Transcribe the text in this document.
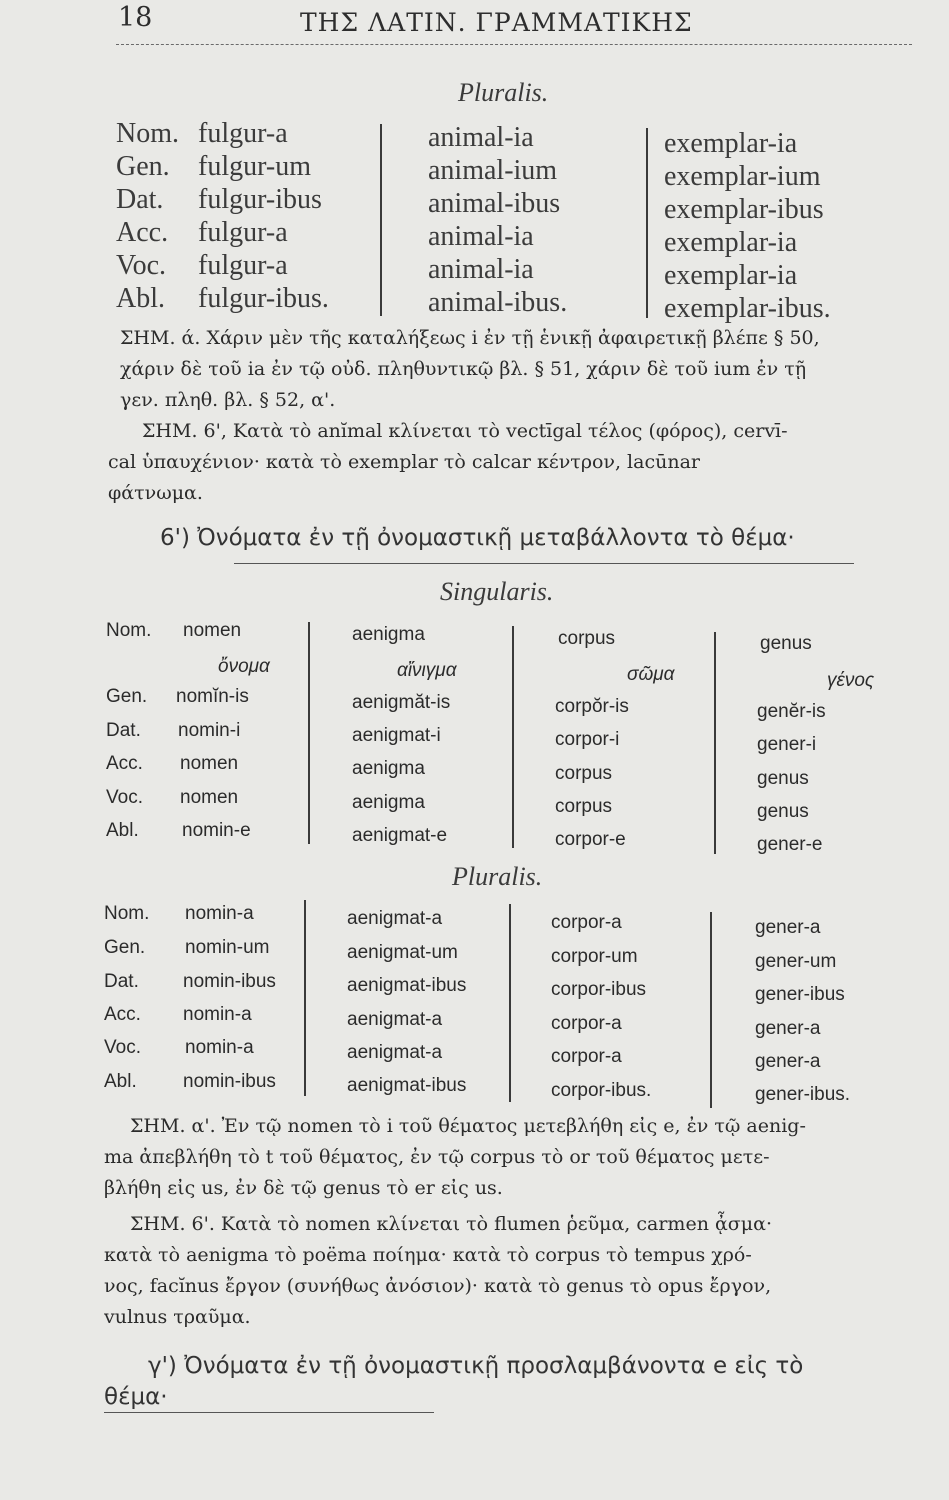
18	ΤΗΣ ΛΑΤΙΝ. ΓΡΑΜΜΑΤΙΚΗΣ
Pluralis.
Nom.
Gen.
Dat.
Acc.
Voc.
Abl.
fulgur-a
fulgur-um
fulgur-ibus
fulgur-a
fulgur-a
fulgur-ibus.
animal-ia
animal-ium
animal-ibus
animal-ia
animal-ia
animal-ibus.
exemplar-ia
exemplar-ium
exemplar-ibus
exemplar-ia
exemplar-ia
exemplar-ibus.
ΣΗΜ. ά. Χάριν μὲν τῆς καταλήξεως i ἐν τῇ ἑνικῇ ἀφαιρετικῇ βλέπε § 50,
χάριν δὲ τοῦ ia ἐν τῷ οὐδ. πληθυντικῷ βλ. § 51, χάριν δὲ τοῦ ium ἐν τῇ
γεν. πληθ. βλ. § 52, α'.
ΣΗΜ. 6', Κατὰ τὸ anĭmal κλίνεται τὸ vectīgal τέλος (φόρος), cervī-
cal ὑπαυχένιον· κατὰ τὸ exemplar τὸ calcar κέντρον, lacūnar
φάτνωμα.
6') Ὀνόματα ἐν τῇ ὀνομαστικῇ μεταβάλλοντα τὸ θέμα·
Singularis.
Nom.
Gen.
Dat.
Acc.
Voc.
Abl.
nomen
ὄνομα
nomĭn-is
nomin-i
nomen
nomen
nomin-e
aenigma
αἴνιγμα
aenigmăt-is
aenigmat-i
aenigma
aenigma
aenigmat-e
corpus
σῶμα
corpŏr-is
corpor-i
corpus
corpus
corpor-e
genus
γένος
genĕr-is
gener-i
genus
genus
gener-e
Pluralis.
Nom.
Gen.
Dat.
Acc.
Voc.
Abl.
nomin-a
nomin-um
nomin-ibus
nomin-a
nomin-a
nomin-ibus
aenigmat-a
aenigmat-um
aenigmat-ibus
aenigmat-a
aenigmat-a
aenigmat-ibus
corpor-a
corpor-um
corpor-ibus
corpor-a
corpor-a
corpor-ibus.
gener-a
gener-um
gener-ibus
gener-a
gener-a
gener-ibus.
ΣΗΜ. α'. Ἐν τῷ nomen τὸ i τοῦ θέματος μετεβλήθη εἰς e, ἐν τῷ aenig-
ma ἀπεβλήθη τὸ t τοῦ θέματος, ἐν τῷ corpus τὸ or τοῦ θέματος μετε-
βλήθη εἰς us, ἐν δὲ τῷ genus τὸ er εἰς us.
ΣΗΜ. 6'. Κατὰ τὸ nomen κλίνεται τὸ flumen ῥεῦμα, carmen ᾆσμα·
κατὰ τὸ aenigma τὸ poëma ποίημα· κατὰ τὸ corpus τὸ tempus χρό-
νος, facĭnus ἔργον (συνήθως ἀνόσιον)· κατὰ τὸ genus τὸ opus ἔργον,
vulnus τραῦμα.
γ') Ὀνόματα ἐν τῇ ὀνομαστικῇ προσλαμβάνοντα e εἰς τὸ
θέμα·
